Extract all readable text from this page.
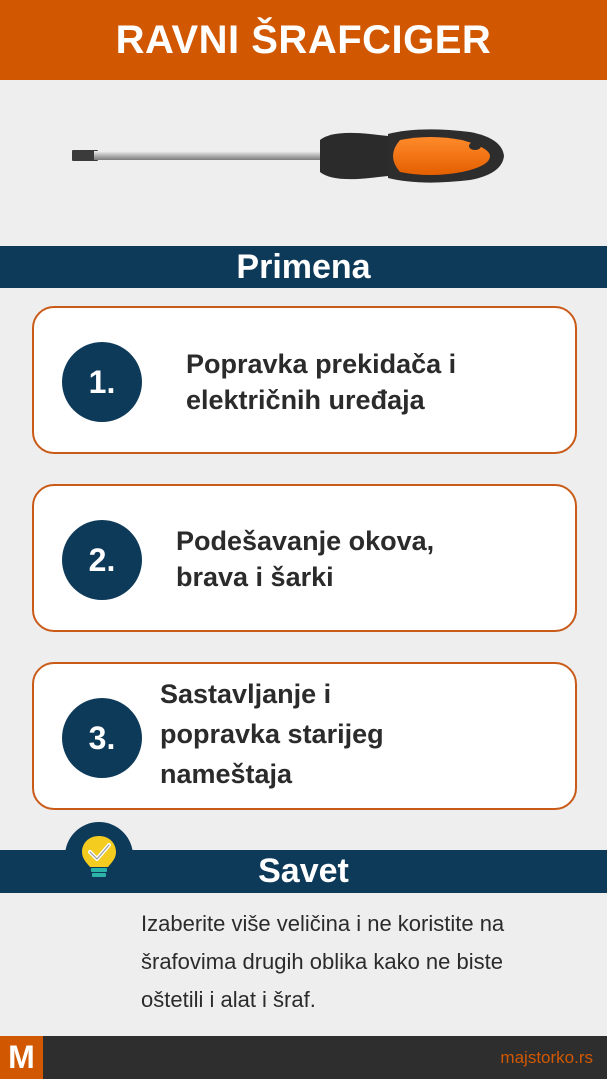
RAVNI ŠRAFCIGER
Primena
1.	Popravka prekidača i
električnih uređaja
2.
Podešavanje okova,
brava i šarki
3.
Sastavljanje i
popravka starijeg
nameštaja
Savet
Izaberite više veličina i ne koristite na
šrafovima drugih oblika kako ne biste
oštetili i alat i šraf.
M	majstorko.rs
